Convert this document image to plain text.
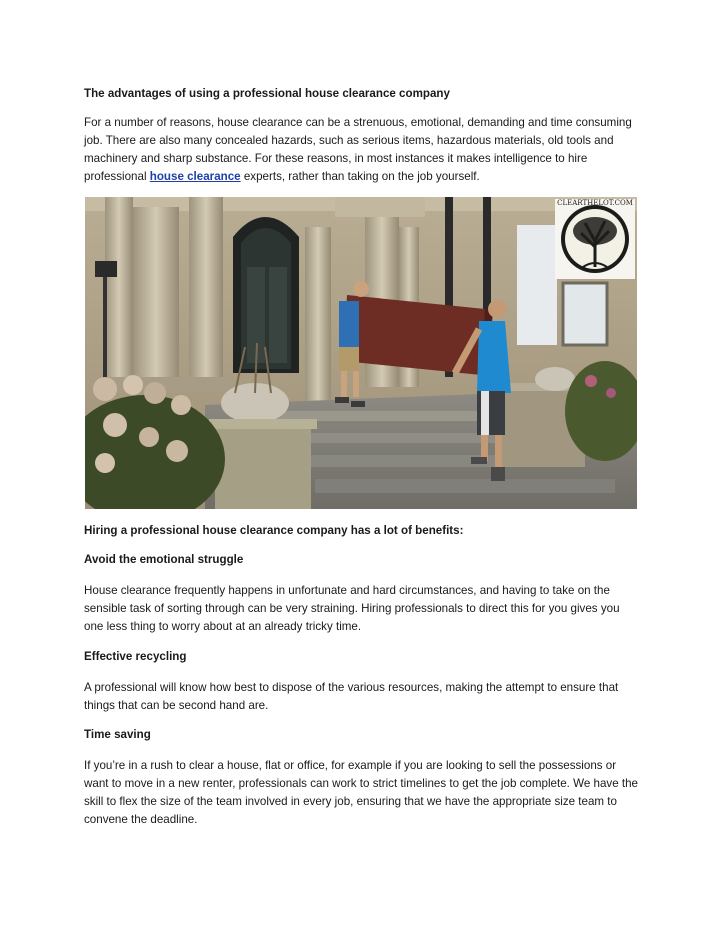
The advantages of using a professional house clearance company

For a number of reasons, house clearance can be a strenuous, emotional, demanding and time consuming job. There are also many concealed hazards, such as serious items, hazardous materials, old tools and machinery and sharp substance. For these reasons, in most instances it makes intelligence to hire professional house clearance experts, rather than taking on the job yourself.

CLEARTHELOT.COM
Hiring a professional house clearance company has a lot of benefits:
Avoid the emotional struggle

House clearance frequently happens in unfortunate and hard circumstances, and having to take on the sensible task of sorting through can be very straining. Hiring professionals to direct this for you gives you one less thing to worry about at an already tricky time.

Effective recycling

A professional will know how best to dispose of the various resources, making the attempt to ensure that things that can be second hand are.

Time saving

If you’re in a rush to clear a house, flat or office, for example if you are looking to sell the possessions or want to move in a new renter, professionals can work to strict timelines to get the job complete. We have the skill to flex the size of the team involved in every job, ensuring that we have the appropriate size team to convene the deadline.
